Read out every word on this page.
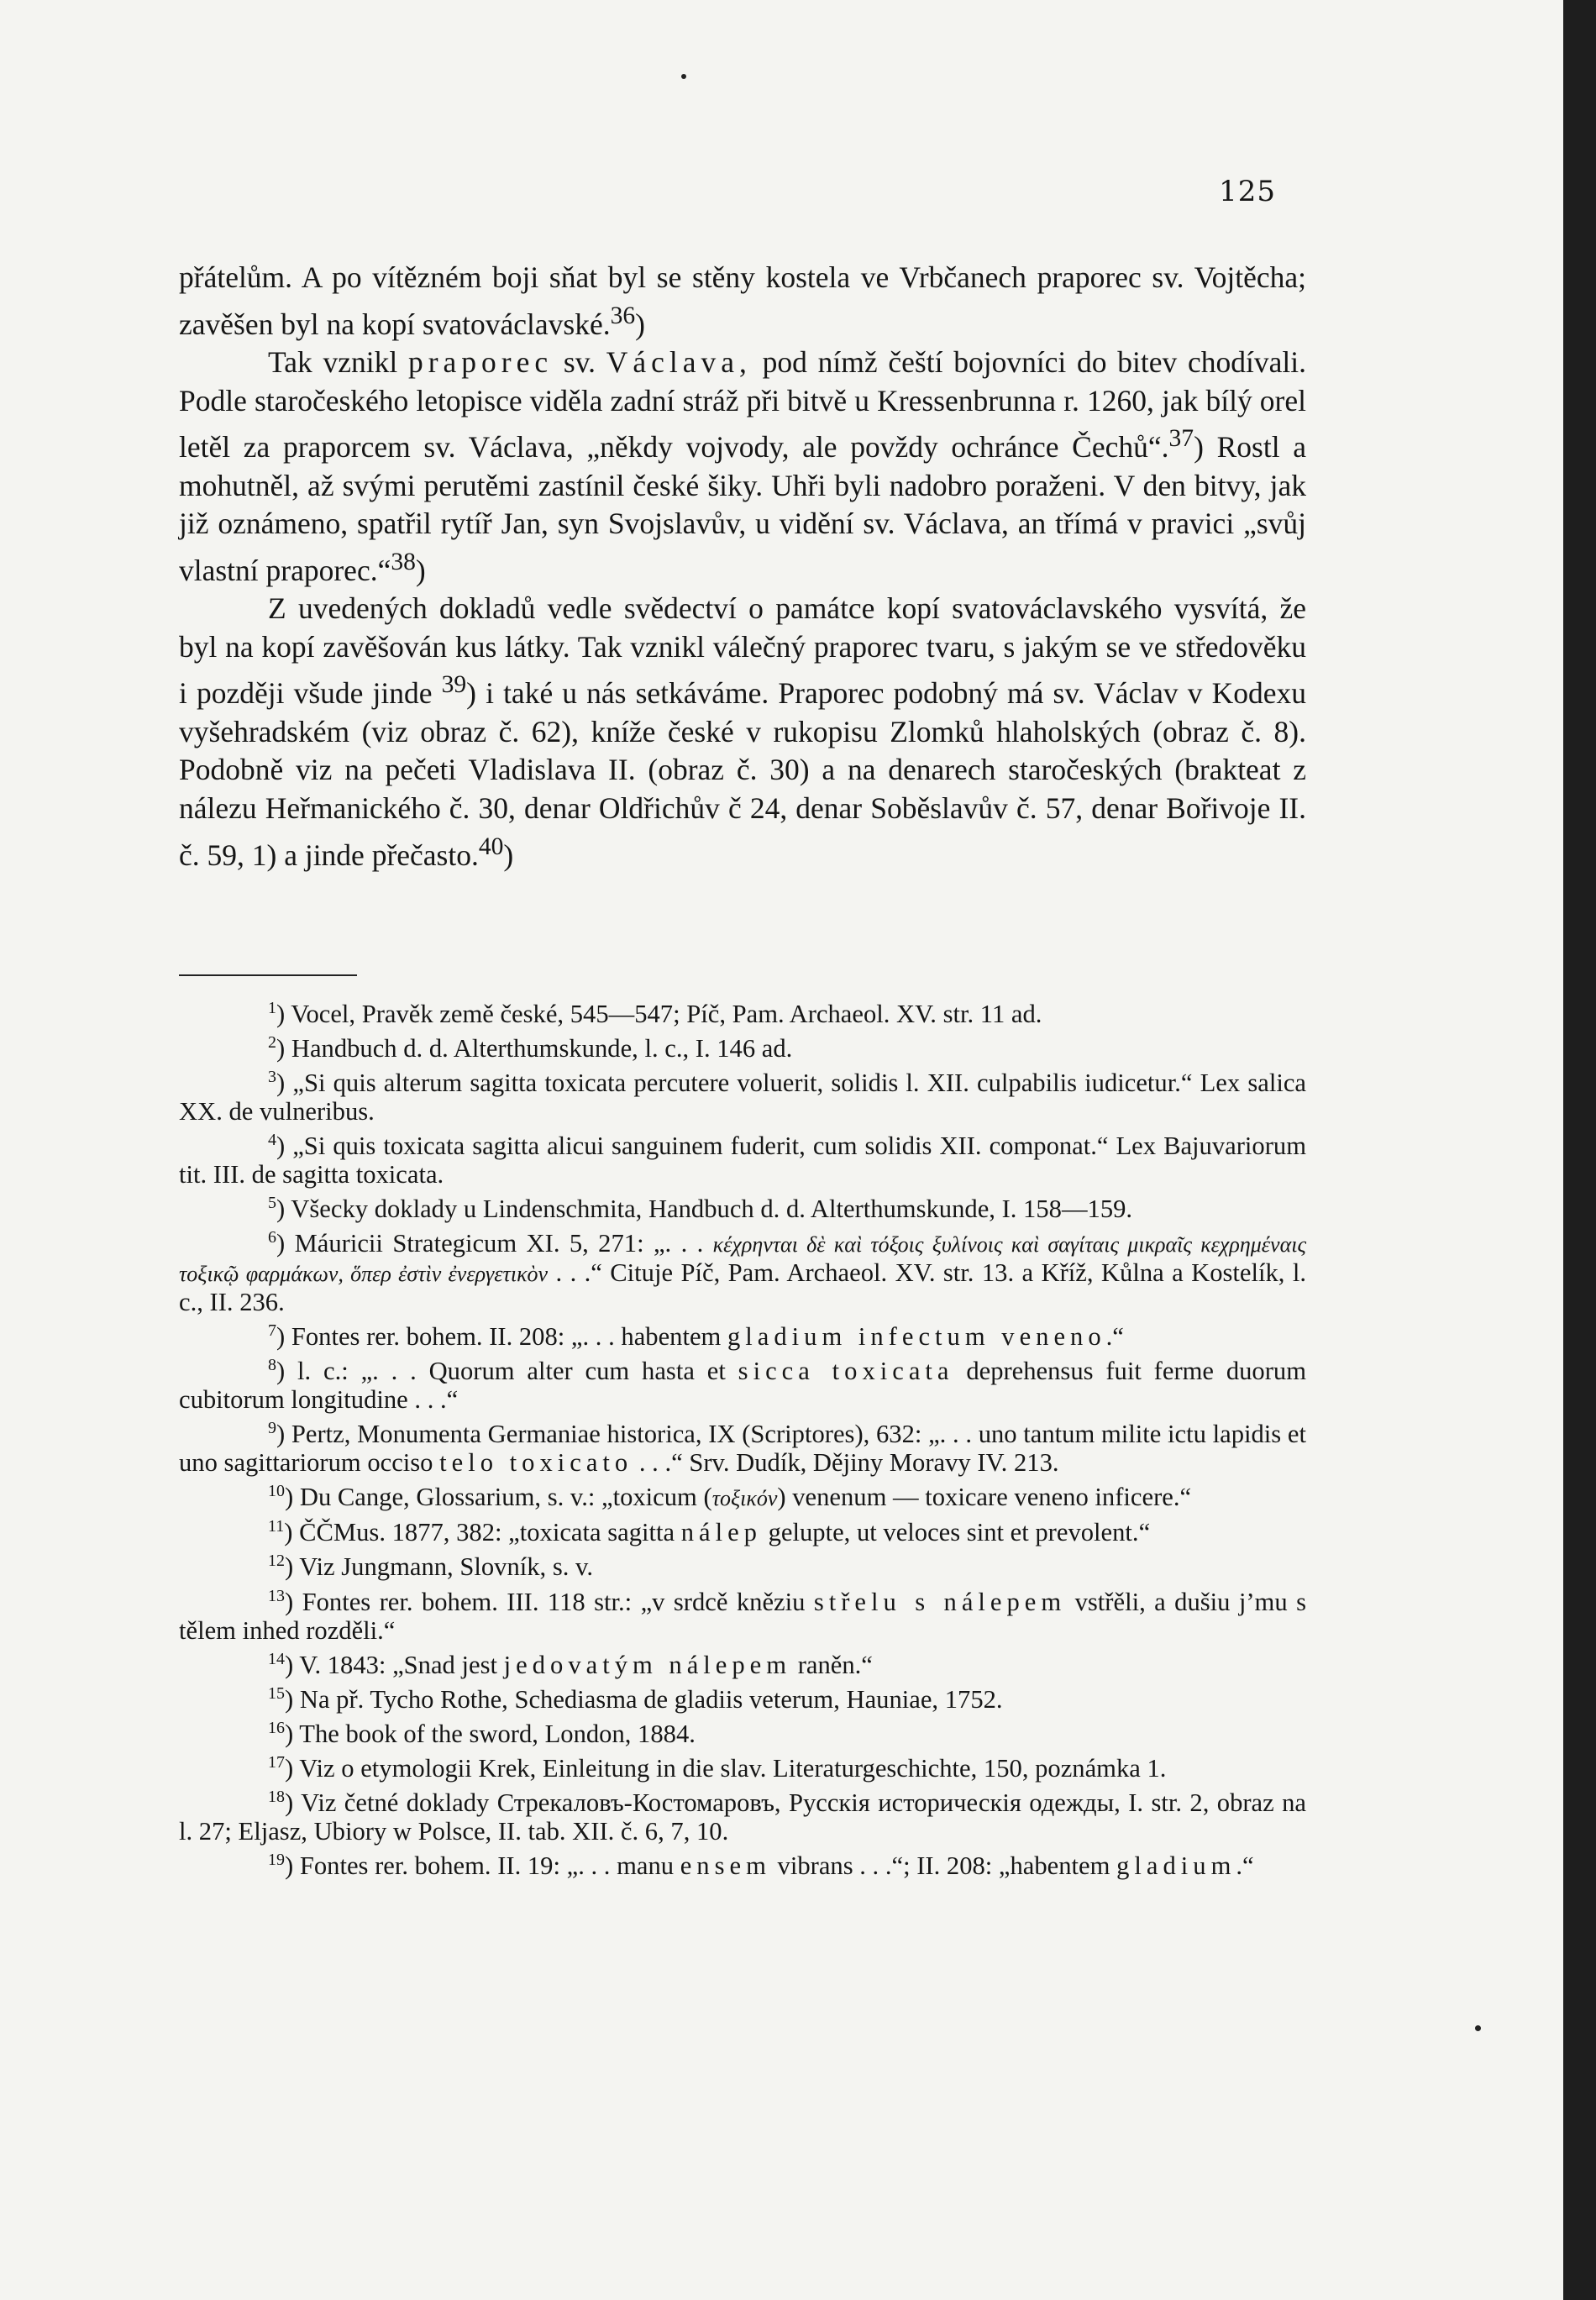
125

přátelům. A po vítězném boji sňat byl se stěny kostela ve Vrbčanech praporec sv. Vojtěcha; zavěšen byl na kopí svatováclavské.$^{36}$)

Tak vznikl praporec sv. Václava, pod nímž čeští bojovníci do bitev chodívali. Podle staročeského letopisce viděla zadní stráž při bitvě u Kressenbrunna r. 1260, jak bílý orel letěl za praporcem sv. Václava, „někdy vojvody, ale povždy ochránce Čechů“.$^{37}$) Rostl a mohutněl, až svými perutěmi zastínil české šiky. Uhři byli nadobro poraženi. V den bitvy, jak již oznámeno, spatřil rytíř Jan, syn Svojslavův, u vidění sv. Václava, an třímá v pravici „svůj vlastní praporec.“$^{38}$)

Z uvedených dokladů vedle svědectví o památce kopí svatováclavského vysvítá, že byl na kopí zavěšován kus látky. Tak vznikl válečný praporec tvaru, s jakým se ve středověku i později všude jinde $^{39}$) i také u nás setkáváme. Praporec podobný má sv. Václav v Kodexu vyšehradském (viz obraz č. 62), kníže české v rukopisu Zlomků hlaholských (obraz č. 8). Podobně viz na pečeti Vladislava II. (obraz č. 30) a na denarech staročeských (brakteat z nálezu Heřmanického č. 30, denar Oldřichův č 24, denar Soběslavův č. 57, denar Bořivoje II. č. 59, 1) a jinde přečasto.$^{40}$)

$^1$) Vocel, Pravěk země české, 545—547; Píč, Pam. Archaeol. XV. str. 11 ad.

$^2$) Handbuch d. d. Alterthumskunde, l. c., I. 146 ad.

$^3$) „Si quis alterum sagitta toxicata percutere voluerit, solidis l. XII. culpabilis iudicetur.“ Lex salica XX. de vulneribus.

$^4$) „Si quis toxicata sagitta alicui sanguinem fuderit, cum solidis XII. componat.“ Lex Bajuvariorum tit. III. de sagitta toxicata.

$^5$) Všecky doklady u Lindenschmita, Handbuch d. d. Alterthumskunde, I. 158—159.

$^6$) Máuricii Strategicum XI. 5, 271: „. . . κέχρηνται δὲ καὶ τόξοις ξυλίνοις καὶ σαγίταις μικραῖς κεχρημέναις τοξικῷ φαρμάκων, ὅπερ ἐστὶν ἐνεργετικὸν . . .“ Cituje Píč, Pam. Archaeol. XV. str. 13. a Kříž, Kůlna a Kostelík, l. c., II. 236.

$^7$) Fontes rer. bohem. II. 208: „. . . habentem gladium infectum veneno.“

$^8$) l. c.: „. . . Quorum alter cum hasta et sicca toxicata deprehensus fuit ferme duorum cubitorum longitudine . . .“

$^9$) Pertz, Monumenta Germaniae historica, IX (Scriptores), 632: „. . . uno tantum milite ictu lapidis et uno sagittariorum occiso telo toxicato . . .“ Srv. Dudík, Dějiny Moravy IV. 213.

$^{10}$) Du Cange, Glossarium, s. v.: „toxicum (τοξικόν) venenum — toxicare veneno inficere.“

$^{11}$) ČČMus. 1877, 382: „toxicata sagitta nálep gelupte, ut veloces sint et prevolent.“

$^{12}$) Viz Jungmann, Slovník, s. v.

$^{13}$) Fontes rer. bohem. III. 118 str.: „v srdcě kněziu střelu s nálepem vstřěli, a dušiu j’mu s tělem inhed rozděli.“

$^{14}$) V. 1843: „Snad jest jedovatým nálepem raněn.“

$^{15}$) Na př. Tycho Rothe, Schediasma de gladiis veterum, Hauniae, 1752.

$^{16}$) The book of the sword, London, 1884.

$^{17}$) Viz o etymologii Krek, Einleitung in die slav. Literaturgeschichte, 150, poznámka 1.

$^{18}$) Viz četné doklady Стрекаловъ-Костомаровъ, Русскія историческія одежды, I. str. 2, obraz na l. 27; Eljasz, Ubiory w Polsce, II. tab. XII. č. 6, 7, 10.

$^{19}$) Fontes rer. bohem. II. 19: „. . . manu ensem vibrans . . .“; II. 208: „habentem gladium.“
